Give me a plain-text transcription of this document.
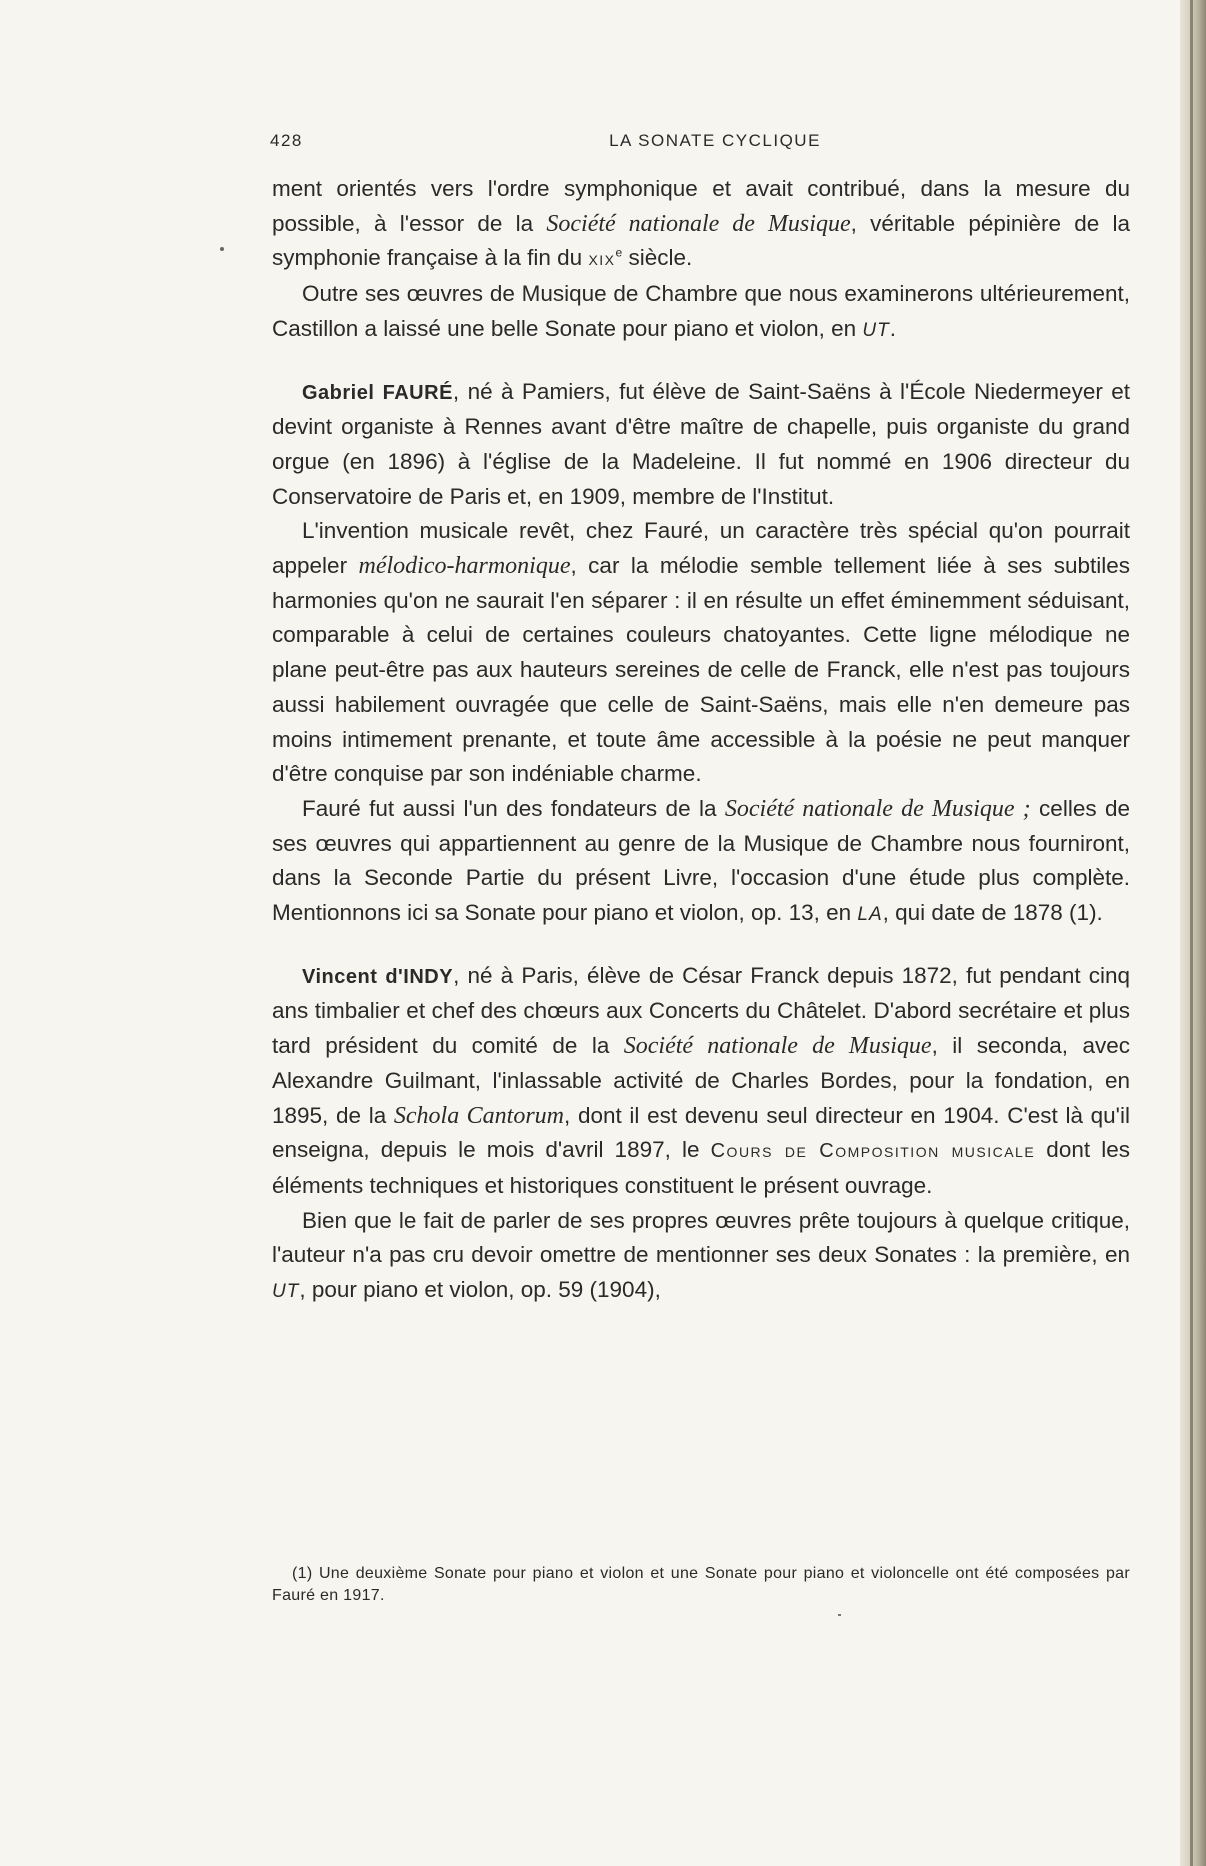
428	LA SONATE CYCLIQUE

ment orientés vers l'ordre symphonique et avait contribué, dans la mesure du possible, à l'essor de la Société nationale de Musique, véritable pépinière de la symphonie française à la fin du xix$^e$ siècle.

Outre ses œuvres de Musique de Chambre que nous examinerons ultérieurement, Castillon a laissé une belle Sonate pour piano et violon, en UT.

Gabriel FAURÉ, né à Pamiers, fut élève de Saint-Saëns à l'École Niedermeyer et devint organiste à Rennes avant d'être maître de chapelle, puis organiste du grand orgue (en 1896) à l'église de la Madeleine. Il fut nommé en 1906 directeur du Conservatoire de Paris et, en 1909, membre de l'Institut.

L'invention musicale revêt, chez Fauré, un caractère très spécial qu'on pourrait appeler mélodico-harmonique, car la mélodie semble tellement liée à ses subtiles harmonies qu'on ne saurait l'en séparer : il en résulte un effet éminemment séduisant, comparable à celui de certaines couleurs chatoyantes. Cette ligne mélodique ne plane peut-être pas aux hauteurs sereines de celle de Franck, elle n'est pas toujours aussi habilement ouvragée que celle de Saint-Saëns, mais elle n'en demeure pas moins intimement prenante, et toute âme accessible à la poésie ne peut manquer d'être conquise par son indéniable charme.

Fauré fut aussi l'un des fondateurs de la Société nationale de Musique ; celles de ses œuvres qui appartiennent au genre de la Musique de Chambre nous fourniront, dans la Seconde Partie du présent Livre, l'occasion d'une étude plus complète. Mentionnons ici sa Sonate pour piano et violon, op. 13, en LA, qui date de 1878 (1).

Vincent d'INDY, né à Paris, élève de César Franck depuis 1872, fut pendant cinq ans timbalier et chef des chœurs aux Concerts du Châtelet. D'abord secrétaire et plus tard président du comité de la Société nationale de Musique, il seconda, avec Alexandre Guilmant, l'inlassable activité de Charles Bordes, pour la fondation, en 1895, de la Schola Cantorum, dont il est devenu seul directeur en 1904. C'est là qu'il enseigna, depuis le mois d'avril 1897, le Cours de Composition musicale dont les éléments techniques et historiques constituent le présent ouvrage.

Bien que le fait de parler de ses propres œuvres prête toujours à quelque critique, l'auteur n'a pas cru devoir omettre de mentionner ses deux Sonates : la première, en UT, pour piano et violon, op. 59 (1904),

(1) Une deuxième Sonate pour piano et violon et une Sonate pour piano et violoncelle ont été composées par Fauré en 1917.
